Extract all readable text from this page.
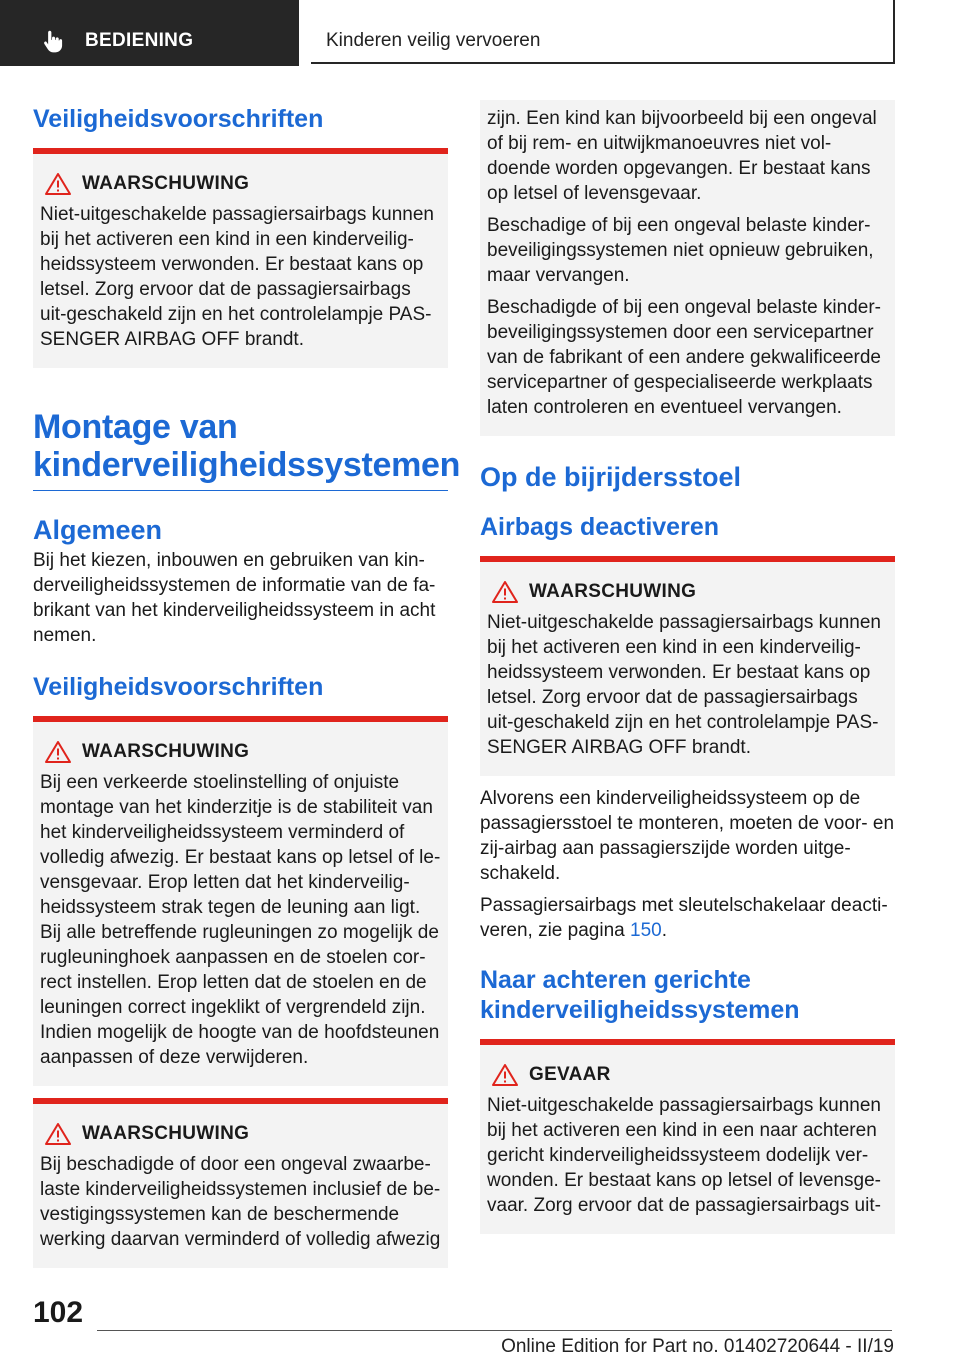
BEDIENING	Kinderen veilig vervoeren
Veiligheidsvoorschriften
WAARSCHUWING

Niet-uitgeschakelde passagiersairbags kunnen bij het activeren een kind in een kinderveilig-heidssysteem verwonden. Er bestaat kans op letsel. Zorg ervoor dat de passagiersairbags uit-geschakeld zijn en het controlelampje PAS-SENGER AIRBAG OFF brandt.

Montage van kinderveiligheidssystemen
Algemeen

Bij het kiezen, inbouwen en gebruiken van kin-derveiligheidssystemen de informatie van de fa-brikant van het kinderveiligheidssysteem in acht nemen.

Veiligheidsvoorschriften
WAARSCHUWING

Bij een verkeerde stoelinstelling of onjuiste montage van het kinderzitje is de stabiliteit van het kinderveiligheidssysteem verminderd of volledig afwezig. Er bestaat kans op letsel of le-vensgevaar. Erop letten dat het kinderveilig-heidssysteem strak tegen de leuning aan ligt. Bij alle betreffende rugleuningen zo mogelijk de rugleuninghoek aanpassen en de stoelen cor-rect instellen. Erop letten dat de stoelen en de leuningen correct ingeklikt of vergrendeld zijn. Indien mogelijk de hoogte van de hoofdsteunen aanpassen of deze verwijderen.

WAARSCHUWING

Bij beschadigde of door een ongeval zwaarbe-laste kinderveiligheidssystemen inclusief de be-vestigingssystemen kan de beschermende werking daarvan verminderd of volledig afwezig

zijn. Een kind kan bijvoorbeeld bij een ongeval of bij rem- en uitwijkmanoeuvres niet vol-doende worden opgevangen. Er bestaat kans op letsel of levensgevaar.

Beschadige of bij een ongeval belaste kinder-beveiligingssystemen niet opnieuw gebruiken, maar vervangen.

Beschadigde of bij een ongeval belaste kinder-beveiligingssystemen door een servicepartner van de fabrikant of een andere gekwalificeerde servicepartner of gespecialiseerde werkplaats laten controleren en eventueel vervangen.

Op de bijrijdersstoel
Airbags deactiveren
WAARSCHUWING

Niet-uitgeschakelde passagiersairbags kunnen bij het activeren een kind in een kinderveilig-heidssysteem verwonden. Er bestaat kans op letsel. Zorg ervoor dat de passagiersairbags uit-geschakeld zijn en het controlelampje PAS-SENGER AIRBAG OFF brandt.

Alvorens een kinderveiligheidssysteem op de passagiersstoel te monteren, moeten de voor- en zij-airbag aan passagierszijde worden uitge-schakeld.

Passagiersairbags met sleutelschakelaar deacti-veren, zie pagina 150.

Naar achteren gerichte kinderveiligheidssystemen
GEVAAR

Niet-uitgeschakelde passagiersairbags kunnen bij het activeren een kind in een naar achteren gericht kinderveiligheidssysteem dodelijk ver-wonden. Er bestaat kans op letsel of levensge-vaar. Zorg ervoor dat de passagiersairbags uit-

102
Online Edition for Part no. 01402720644 - II/19
